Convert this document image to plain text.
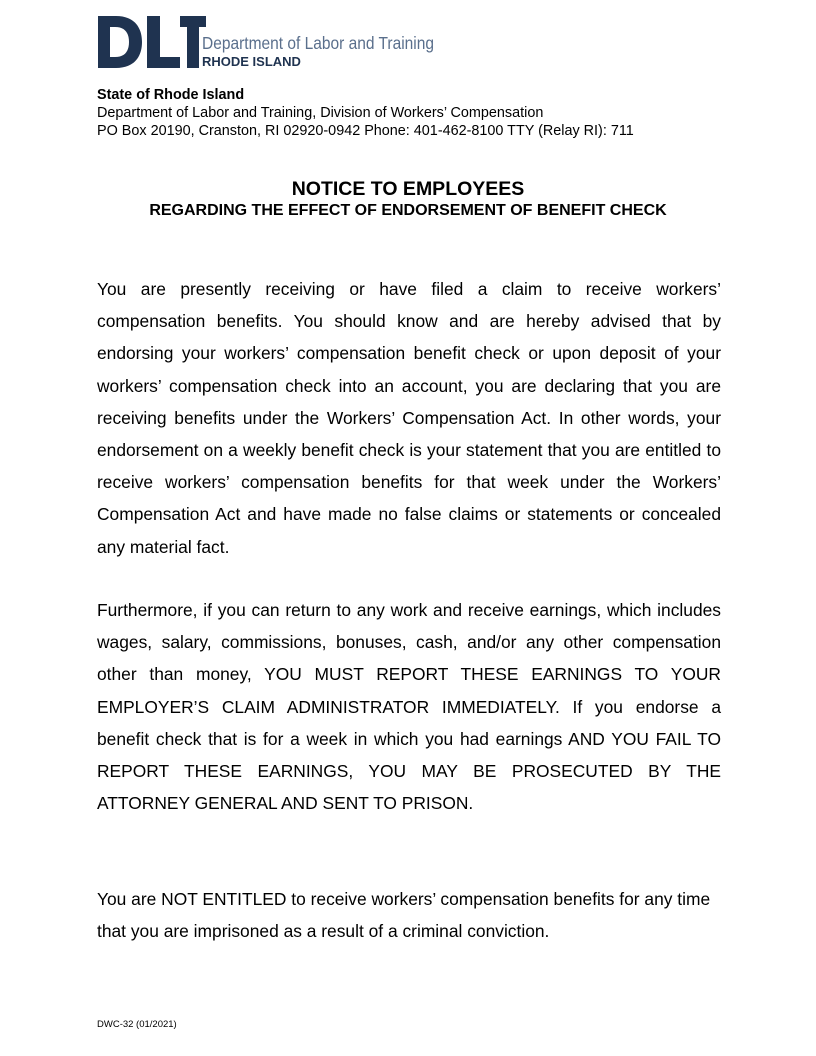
Department of Labor and Training
RHODE ISLAND
State of Rhode Island
Department of Labor and Training, Division of Workers’ Compensation
PO Box 20190, Cranston, RI 02920-0942 Phone: 401-462-8100 TTY (Relay RI): 711
NOTICE TO EMPLOYEES
REGARDING THE EFFECT OF ENDORSEMENT OF BENEFIT CHECK
You are presently receiving or have filed a claim to receive workers’ compensation benefits. You should know and are hereby advised that by endorsing your workers’ compensation benefit check or upon deposit of your workers’ compensation check into an account, you are declaring that you are receiving benefits under the Workers’ Compensation Act. In other words, your endorsement on a weekly benefit check is your statement that you are entitled to receive workers’ compensation benefits for that week under the Workers’ Compensation Act and have made no false claims or statements or concealed any material fact.
Furthermore, if you can return to any work and receive earnings, which includes wages, salary, commissions, bonuses, cash, and/or any other compensation other than money, YOU MUST REPORT THESE EARNINGS TO YOUR EMPLOYER’S CLAIM ADMINISTRATOR IMMEDIATELY. If you endorse a benefit check that is for a week in which you had earnings AND YOU FAIL TO REPORT THESE EARNINGS, YOU MAY BE PROSECUTED BY THE ATTORNEY GENERAL AND SENT TO PRISON.
You are NOT ENTITLED to receive workers’ compensation benefits for any time that you are imprisoned as a result of a criminal conviction.
DWC-32 (01/2021)
